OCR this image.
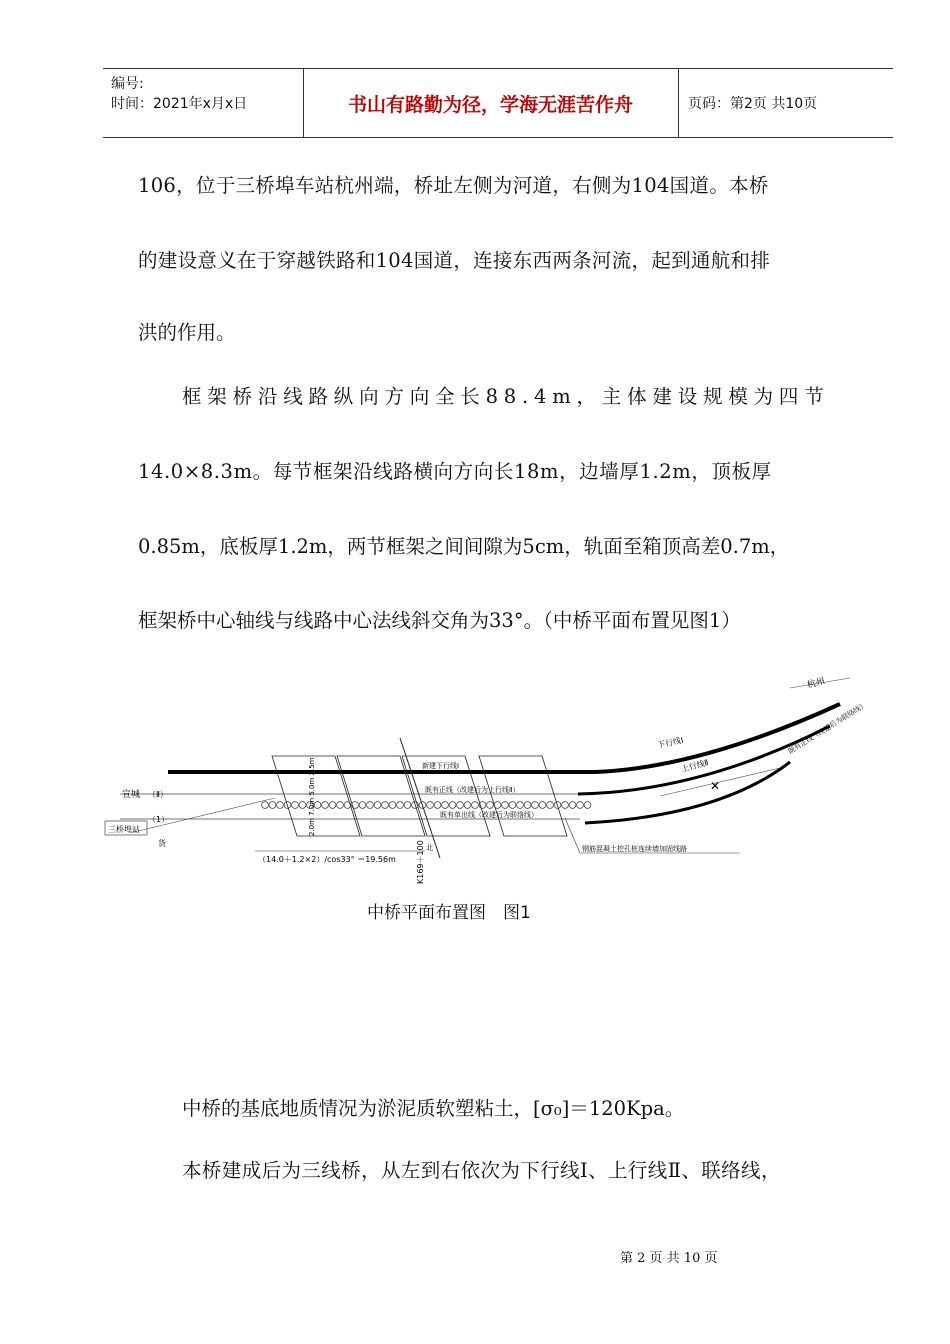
编号:
时间：2021年x月x日	书山有路勤为径，学海无涯苦作舟	页码：第2页 共10页
106，位于三桥埠车站杭州端，桥址左侧为河道，右侧为104国道。本桥
的建设意义在于穿越铁路和104国道，连接东西两条河流，起到通航和排
洪的作用。
框架桥沿线路纵向方向全长88.4m，主体建设规模为四节
14.0×8.3m。每节框架沿线路横向方向长18m，边墙厚1.2m，顶板厚
0.85m，底板厚1.2m，两节框架之间间隙为5cm，轨面至箱顶高差0.7m，
框架桥中心轴线与线路中心法线斜交角为33°。（中桥平面布置见图1）
宣城 （Ⅱ）
（1）
三桥埠站
货
杭州
下行线Ⅰ
上行线Ⅱ
既有正线（改建后为联络线）
✕
新建下行线Ⅰ
既有正线（改建后为上行线Ⅱ）
既有单出线（改建后为联络线）
（14.0＋1.2×2）/cos33° ＝19.56m
2.0m 7.0m 5.0m 2.5m
K169＋100 北	钢筋混凝土挖孔桩连续墙加固线路
中桥平面布置图　图1
中桥的基底地质情况为淤泥质软塑粘土，[σ₀]＝120Kpa。
本桥建成后为三线桥，从左到右依次为下行线Ⅰ、上行线Ⅱ、联络线，
第 2 页 共 10 页
